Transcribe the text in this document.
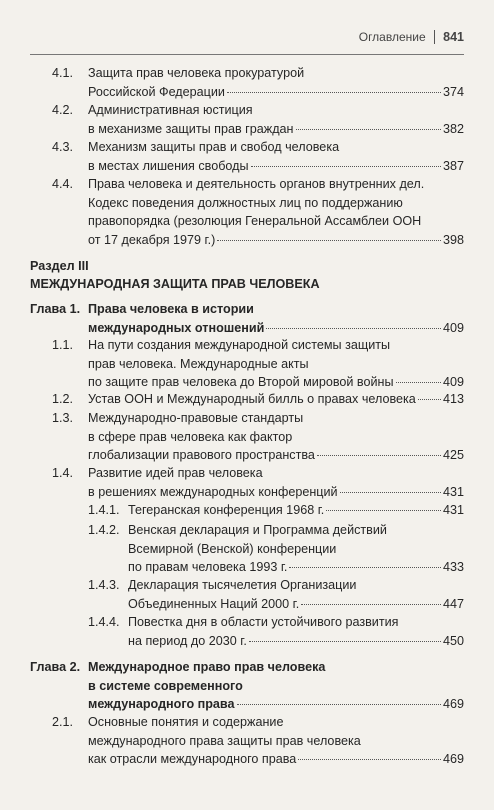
Оглавление 841
4.1. Защита прав человека прокуратурой
Российской Федерации	374
4.2. Административная юстиция
в механизме защиты прав граждан	382
4.3. Механизм защиты прав и свобод человека
в местах лишения свободы	387
4.4. Права человека и деятельность органов внутренних дел.
Кодекс поведения должностных лиц по поддержанию
правопорядка (резолюция Генеральной Ассамблеи ООН
от 17 декабря 1979 г.)	398
Раздел III
МЕЖДУНАРОДНАЯ ЗАЩИТА ПРАВ ЧЕЛОВЕКА
Глава 1. Права человека в истории
международных отношений	409
1.1. На пути создания международной системы защиты
прав человека. Международные акты
по защите прав человека до Второй мировой войны	409
1.2. Устав ООН и Международный билль о правах человека 413
1.3. Международно-правовые стандарты
в сфере прав человека как фактор
глобализации правового пространства	425
1.4. Развитие идей прав человека
в решениях международных конференций	431
1.4.1. Тегеранская конференция 1968 г.	431
1.4.2. Венская декларация и Программа действий
Всемирной (Венской) конференции
по правам человека 1993 г.	433
1.4.3. Декларация тысячелетия Организации
Объединенных Наций 2000 г.	447
1.4.4. Повестка дня в области устойчивого развития
на период до 2030 г.	450
Глава 2. Международное право прав человека
в системе современного
международного права	469
2.1. Основные понятия и содержание
международного права защиты прав человека
как отрасли международного права	469
